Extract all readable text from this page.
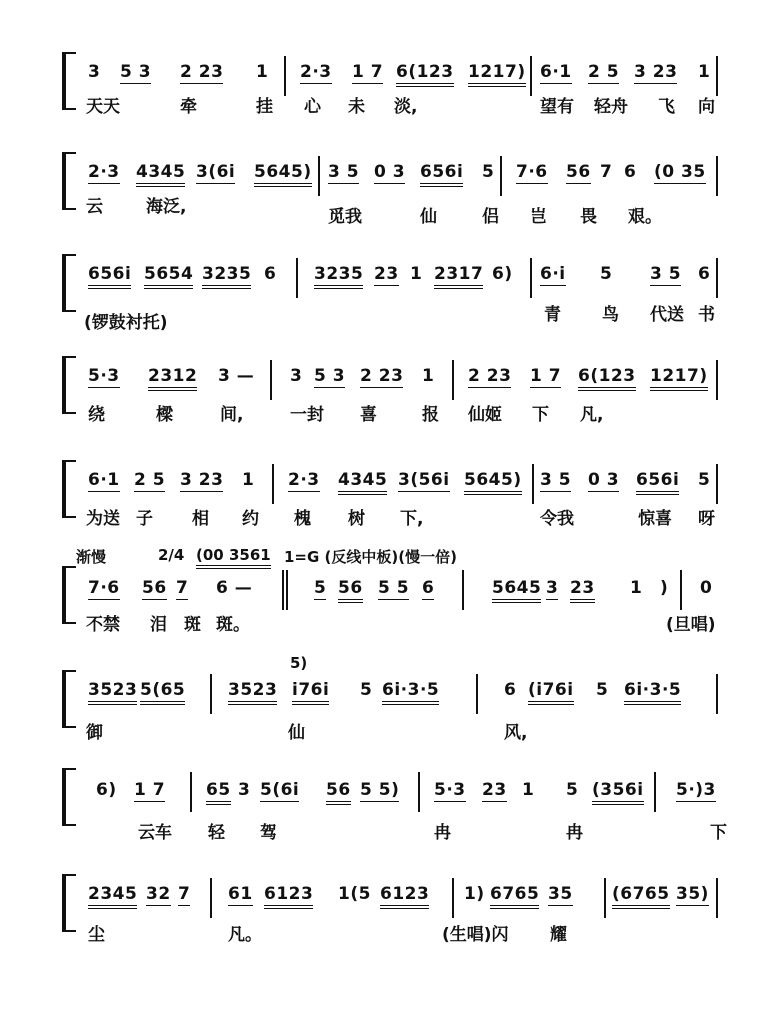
3 5 3 2 23 1 2·3 1 7 6(123 1217) 6·1 2 5 3 23 1
天天	牵	挂 心 未 淡,	望有 轻舟 飞 向
2·3 4345 3(6i 5645) 3 5 0 3 656i 5 7·6 56 7 6 (0 35
云	海泛,	觅我	仙	侣 岂 畏 艰。
656i 5654 3235 6 3235 23 1 2317 6) 6·i 5 3 5 6
(锣鼓衬托)	青 鸟 代送 书
5·3 2312 3 — 3 5 3 2 23 1 2 23 1 7 6(123 1217)
绕	樑	间,	一封 喜	报 仙姬 下 凡,
6·1 2 5 3 23 1 2·3 4345 3(56i 5645) 3 5 0 3 656i 5
为送 子 相 约 槐 树 下,	令我	惊喜 呀
渐慢	2/4 (00 3561 1=G (反线中板)(慢一倍)
7·6 56 7 6 —	5 56 5 5 6	5645 3 23 1 ) 0
不禁 泪 斑 斑。	(旦唱)
5)
3523 5(65	3523 i76i 5 6i·3·5	6 (i76i 5 6i·3·5
御	仙	风,
6) 1 7 65 3 5(6i 56 5 5) 5·3 23 1 5 (356i 5·)3
云车 轻 驾	冉	冉	下
2345 32 7 61 6123 1(5 6123 1) 6765 35 (6765 35)
尘	凡。	(生唱)闪 耀
